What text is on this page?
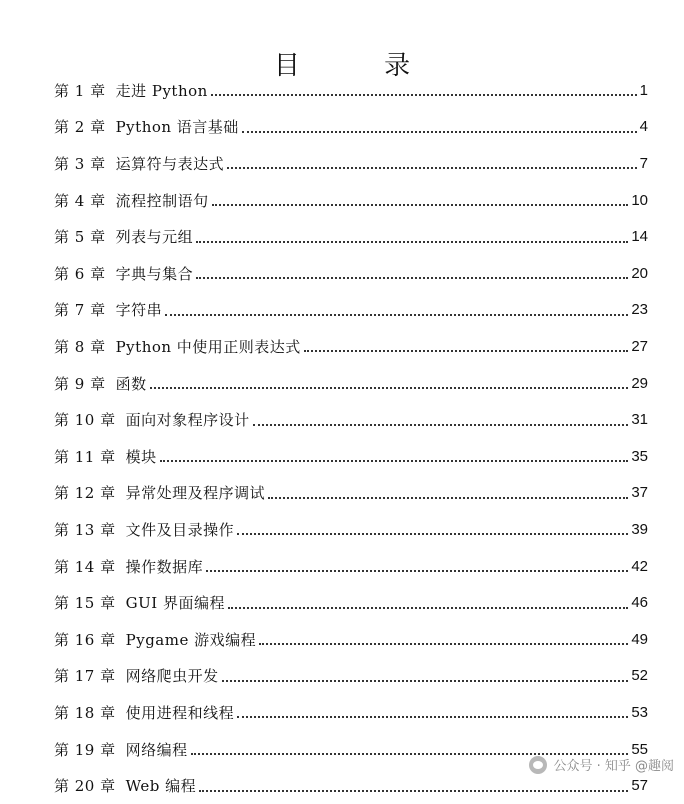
目 录
第 1 章 走进 Python	1
第 2 章 Python 语言基础	4
第 3 章 运算符与表达式	7
第 4 章 流程控制语句	10
第 5 章 列表与元组	14
第 6 章 字典与集合	20
第 7 章 字符串	23
第 8 章 Python 中使用正则表达式	27
第 9 章 函数	29
第 10 章 面向对象程序设计	31
第 11 章 模块	35
第 12 章 异常处理及程序调试	37
第 13 章 文件及目录操作	39
第 14 章 操作数据库	42
第 15 章 GUI 界面编程	46
第 16 章 Pygame 游戏编程	49
第 17 章 网络爬虫开发	52
第 18 章 使用进程和线程	53
第 19 章 网络编程	55
第 20 章 Web 编程	57
公众号 · 知乎 @趣阅
